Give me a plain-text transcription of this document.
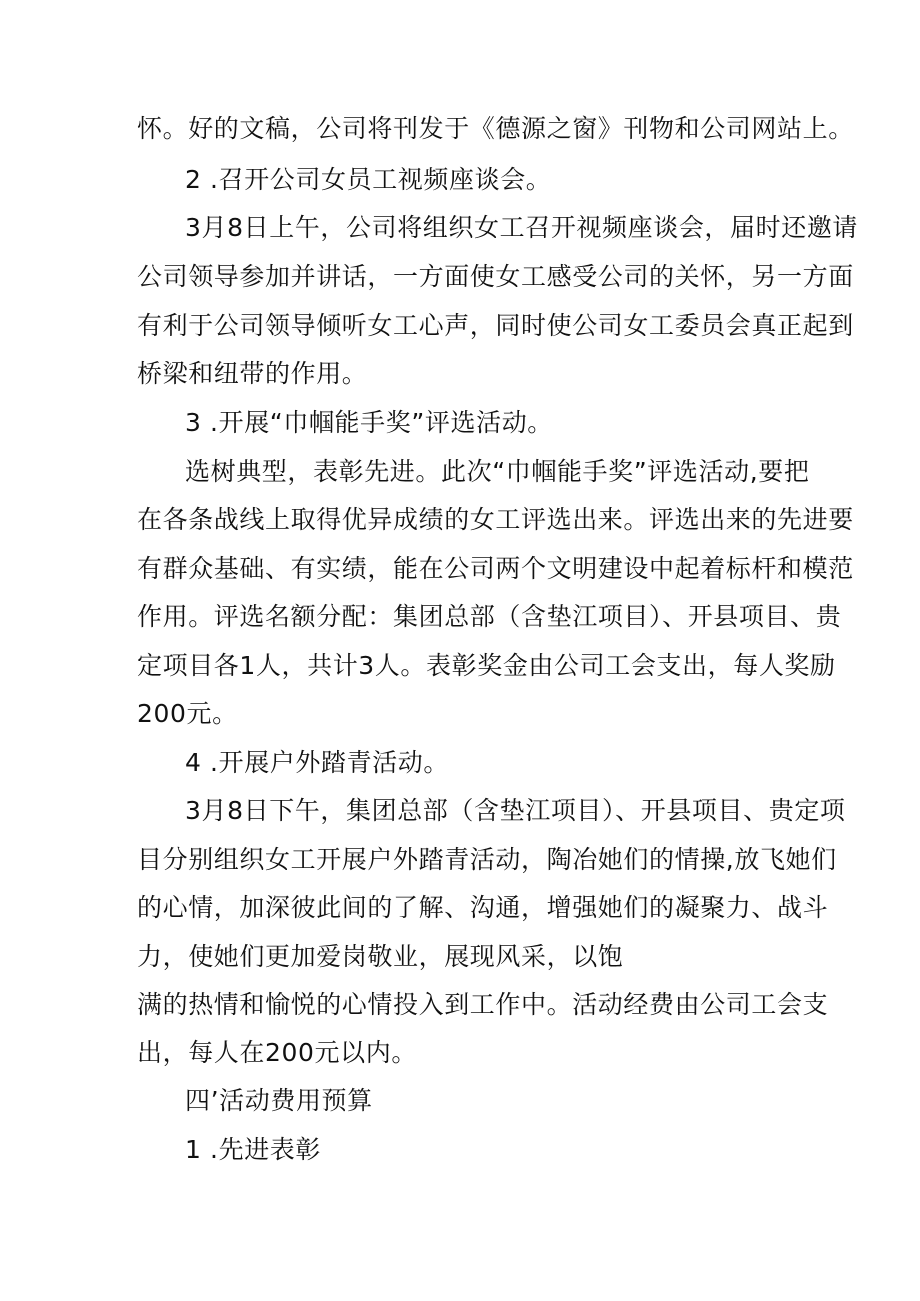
怀。好的文稿，公司将刊发于《德源之窗》刊物和公司网站上。
2 .召开公司女员工视频座谈会。
3月8日上午，公司将组织女工召开视频座谈会，届时还邀请
公司领导参加并讲话，一方面使女工感受公司的关怀，另一方面
有利于公司领导倾听女工心声，同时使公司女工委员会真正起到
桥梁和纽带的作用。
3 .开展“巾帼能手奖”评选活动。
选树典型，表彰先进。此次“巾帼能手奖”评选活动,要把
在各条战线上取得优异成绩的女工评选出来。评选出来的先进要
有群众基础、有实绩，能在公司两个文明建设中起着标杆和模范
作用。评选名额分配：集团总部（含垫江项目）、开县项目、贵
定项目各1人，共计3人。表彰奖金由公司工会支出，每人奖励
200元。
4 .开展户外踏青活动。
3月8日下午，集团总部（含垫江项目）、开县项目、贵定项
目分别组织女工开展户外踏青活动，陶冶她们的情操,放飞她们
的心情，加深彼此间的了解、沟通，增强她们的凝聚力、战斗
力，使她们更加爱岗敬业，展现风采，以饱
满的热情和愉悦的心情投入到工作中。活动经费由公司工会支
出，每人在200元以内。
四’活动费用预算
1 .先进表彰
